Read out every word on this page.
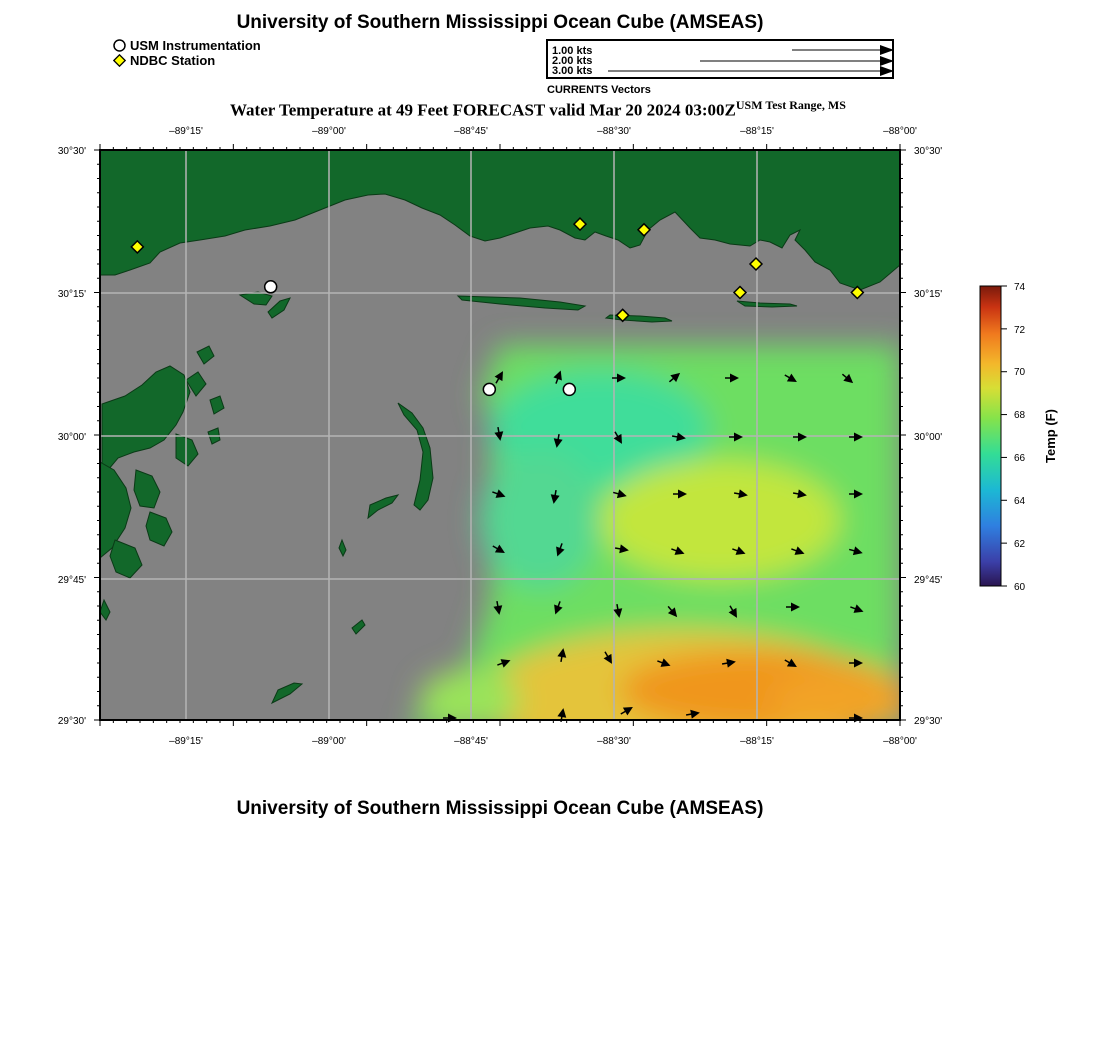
University of Southern Mississippi Ocean Cube (AMSEAS)
USM Instrumentation
NDBC Station
1.00 kts
2.00 kts
3.00 kts
CURRENTS Vectors
Water Temperature at 49 Feet FORECAST valid Mar 20 2024 $03:00Z^{USM Test Range, MS}$
–89°15'	–89°00'	–88°45'	–88°30'	–88°15'	–88°00'
–89°15'	–89°00'	–88°45'	–88°30'	–88°15'	–88°00'
30°30'
30°15'
30°00'
29°45'
29°30'
30°30'
30°15'
30°00'
29°45'
29°30'
74
72
70
68
66
64
62
60
Temp (F)
University of Southern Mississippi Ocean Cube (AMSEAS)
